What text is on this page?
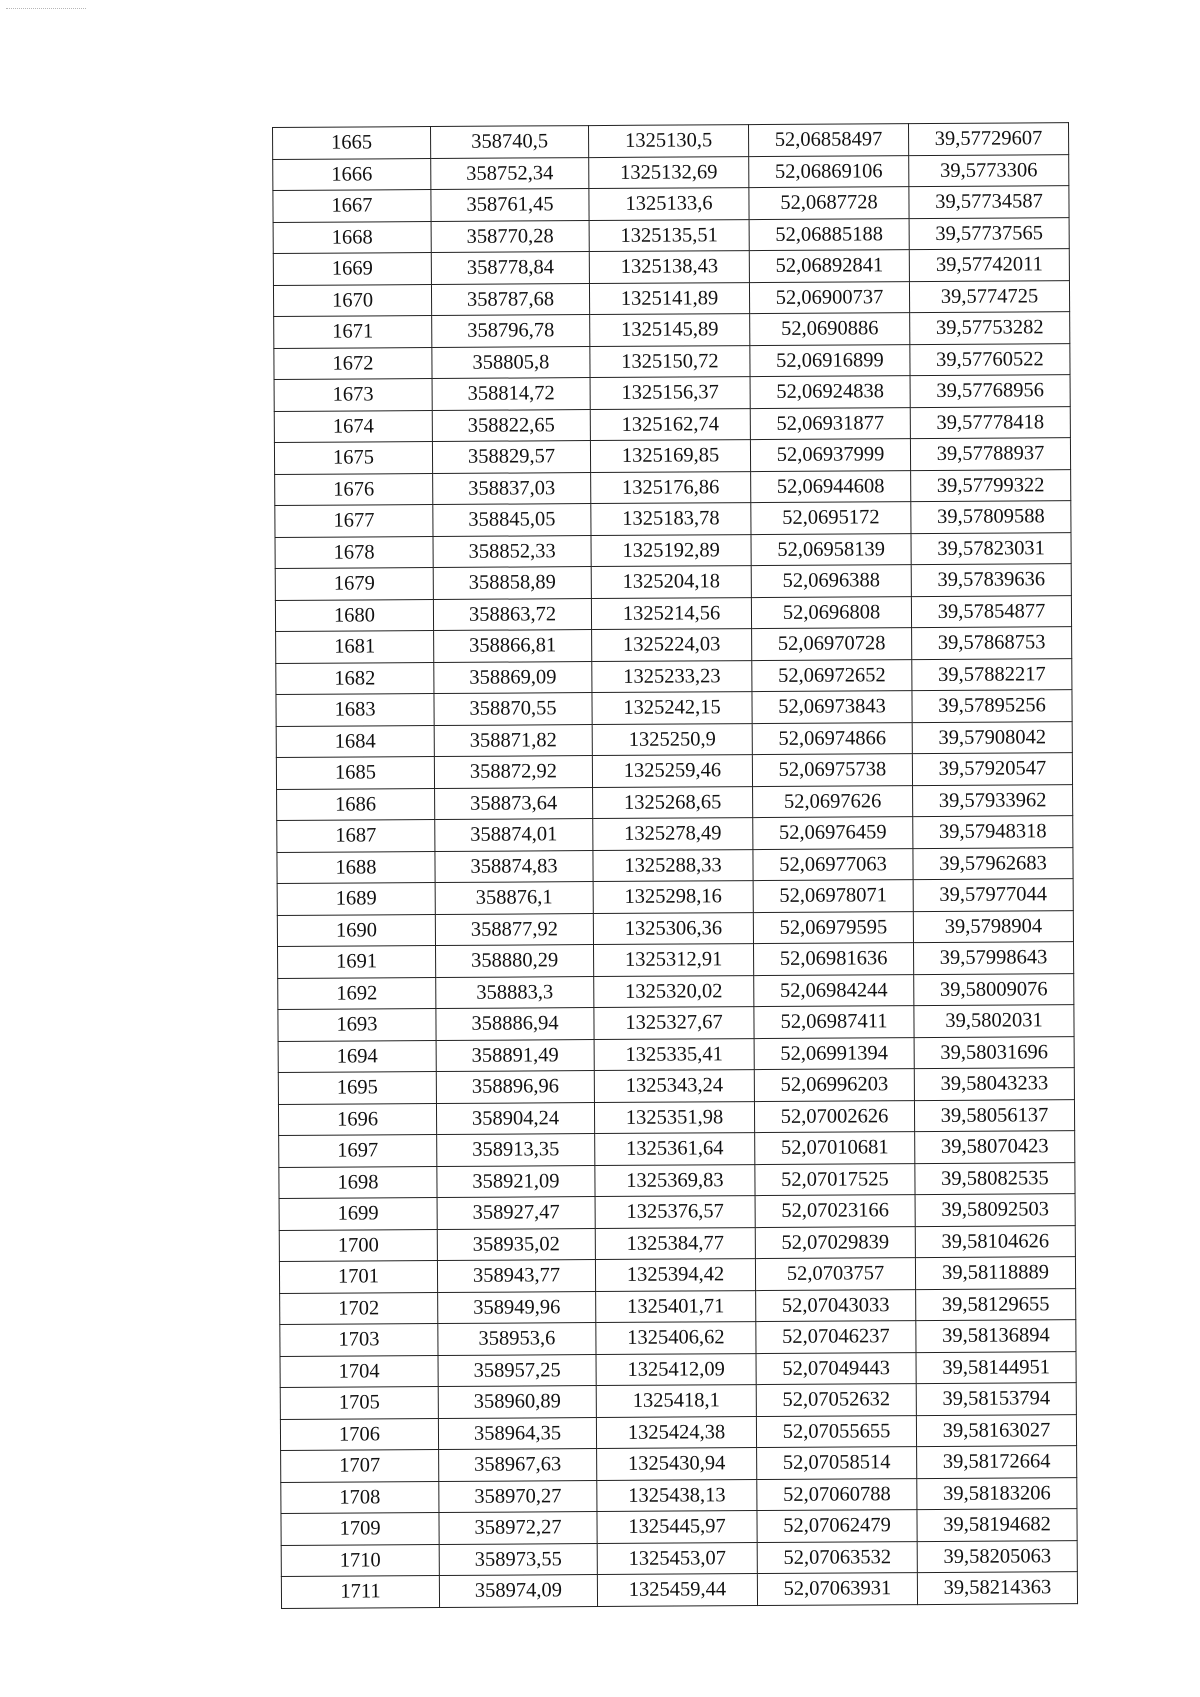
1665	358740,5	1325130,5	52,06858497	39,57729607
1666	358752,34	1325132,69	52,06869106	39,5773306
1667	358761,45	1325133,6	52,0687728	39,57734587
1668	358770,28	1325135,51	52,06885188	39,57737565
1669	358778,84	1325138,43	52,06892841	39,57742011
1670	358787,68	1325141,89	52,06900737	39,5774725
1671	358796,78	1325145,89	52,0690886	39,57753282
1672	358805,8	1325150,72	52,06916899	39,57760522
1673	358814,72	1325156,37	52,06924838	39,57768956
1674	358822,65	1325162,74	52,06931877	39,57778418
1675	358829,57	1325169,85	52,06937999	39,57788937
1676	358837,03	1325176,86	52,06944608	39,57799322
1677	358845,05	1325183,78	52,0695172	39,57809588
1678	358852,33	1325192,89	52,06958139	39,57823031
1679	358858,89	1325204,18	52,0696388	39,57839636
1680	358863,72	1325214,56	52,0696808	39,57854877
1681	358866,81	1325224,03	52,06970728	39,57868753
1682	358869,09	1325233,23	52,06972652	39,57882217
1683	358870,55	1325242,15	52,06973843	39,57895256
1684	358871,82	1325250,9	52,06974866	39,57908042
1685	358872,92	1325259,46	52,06975738	39,57920547
1686	358873,64	1325268,65	52,0697626	39,57933962
1687	358874,01	1325278,49	52,06976459	39,57948318
1688	358874,83	1325288,33	52,06977063	39,57962683
1689	358876,1	1325298,16	52,06978071	39,57977044
1690	358877,92	1325306,36	52,06979595	39,5798904
1691	358880,29	1325312,91	52,06981636	39,57998643
1692	358883,3	1325320,02	52,06984244	39,58009076
1693	358886,94	1325327,67	52,06987411	39,5802031
1694	358891,49	1325335,41	52,06991394	39,58031696
1695	358896,96	1325343,24	52,06996203	39,58043233
1696	358904,24	1325351,98	52,07002626	39,58056137
1697	358913,35	1325361,64	52,07010681	39,58070423
1698	358921,09	1325369,83	52,07017525	39,58082535
1699	358927,47	1325376,57	52,07023166	39,58092503
1700	358935,02	1325384,77	52,07029839	39,58104626
1701	358943,77	1325394,42	52,0703757	39,58118889
1702	358949,96	1325401,71	52,07043033	39,58129655
1703	358953,6	1325406,62	52,07046237	39,58136894
1704	358957,25	1325412,09	52,07049443	39,58144951
1705	358960,89	1325418,1	52,07052632	39,58153794
1706	358964,35	1325424,38	52,07055655	39,58163027
1707	358967,63	1325430,94	52,07058514	39,58172664
1708	358970,27	1325438,13	52,07060788	39,58183206
1709	358972,27	1325445,97	52,07062479	39,58194682
1710	358973,55	1325453,07	52,07063532	39,58205063
1711	358974,09	1325459,44	52,07063931	39,58214363
